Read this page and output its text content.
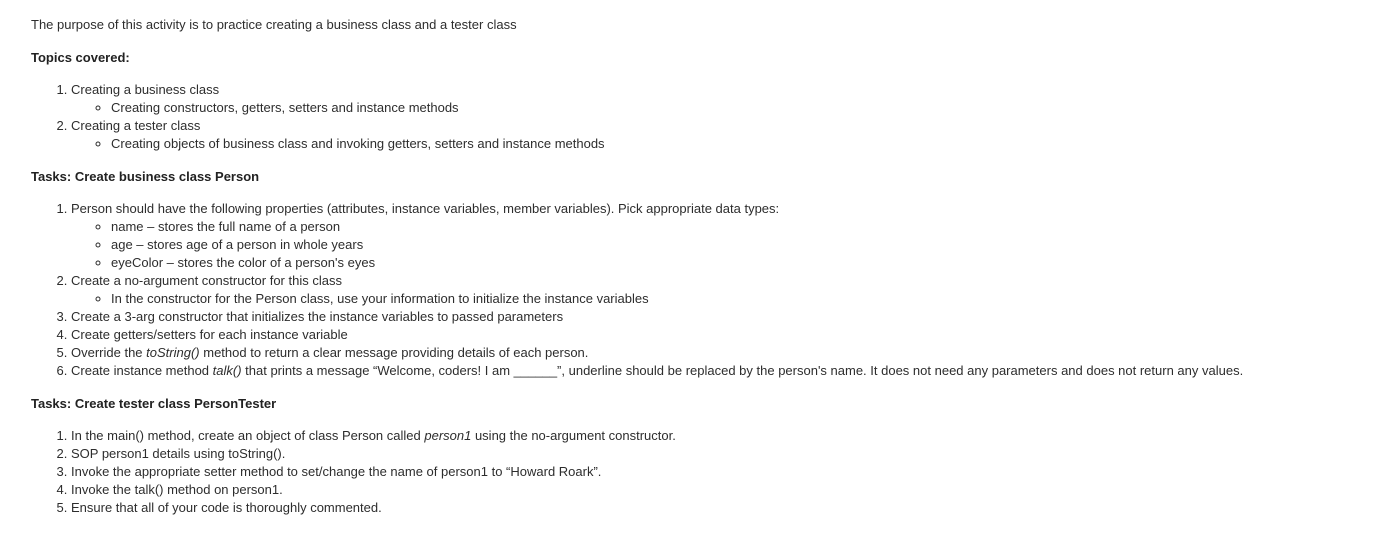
The purpose of this activity is to practice creating a business class and a tester class

Topics covered:
1. Creating a business class
◦ Creating constructors, getters, setters and instance methods
2. Creating a tester class
◦ Creating objects of business class and invoking getters, setters and instance methods
Tasks: Create business class Person
1. Person should have the following properties (attributes, instance variables, member variables). Pick appropriate data types:
◦ name – stores the full name of a person
◦ age – stores age of a person in whole years
◦ eyeColor – stores the color of a person's eyes
2. Create a no-argument constructor for this class
◦ In the constructor for the Person class, use your information to initialize the instance variables
3. Create a 3-arg constructor that initializes the instance variables to passed parameters
4. Create getters/setters for each instance variable
5. Override the toString() method to return a clear message providing details of each person.
6. Create instance method talk() that prints a message “Welcome, coders! I am ______”, underline should be replaced by the person's name. It does not need any parameters and does not return any values.
Tasks: Create tester class PersonTester
1. In the main() method, create an object of class Person called person1 using the no-argument constructor.
2. SOP person1 details using toString().
3. Invoke the appropriate setter method to set/change the name of person1 to “Howard Roark”.
4. Invoke the talk() method on person1.
5. Ensure that all of your code is thoroughly commented.
